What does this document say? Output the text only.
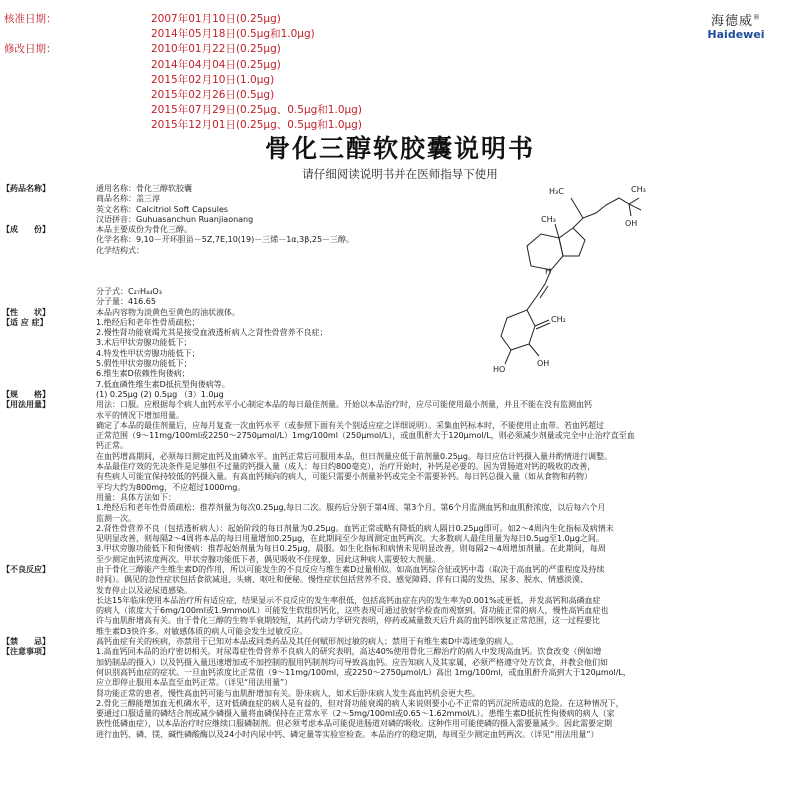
核准日期：	2007年01月10日(0.25μg)
2014年05月18日(0.5μg和1.0μg)
修改日期：	2010年01月22日(0.25μg)
2014年04月04日(0.25μg)
2015年02月10日(1.0μg)
2015年02月26日(0.5μg)
2015年07月29日(0.25μg、0.5μg和1.0μg)
2015年12月01日(0.25μg、0.5μg和1.0μg)
海德威®
Haidewei
骨化三醇软胶囊说明书
请仔细阅读说明书并在医师指导下使用
H₃C	CH₃
OH
CH₃
H
CH₂
OH
HO
【药品名称】	通用名称：骨化三醇软胶囊
商品名称：盖三淳
英文名称：Calcitriol Soft Capsules
汉语拼音：Guhuasanchun Ruanjiaonang
【成　　份】	本品主要成份为骨化三醇。
化学名称：9,10－开环胆甾－5Z,7E,10(19)－三烯－1α,3β,25－三醇。
化学结构式：
分子式：C₂₇H₄₄O₃
分子量：416.65
【性　　状】	本品内容物为淡黄色至黄色的油状液体。
【适 应 症】	1.绝经后和老年性骨质疏松；
2.慢性肾功能衰竭尤其是接受血液透析病人之肾性骨营养不良症；
3.术后甲状旁腺功能低下；
4.特发性甲状旁腺功能低下；
5.假性甲状旁腺功能低下；
6.维生素D依赖性佝偻病；
7.低血磷性维生素D抵抗型佝偻病等。
【规　　格】	(1) 0.25μg (2) 0.5μg （3）1.0μg
【用法用量】	用法：口服。应根据每个病人血钙水平小心制定本品的每日最佳剂量。开始以本品治疗时，应尽可能使用最小剂量，并且不能在没有监测血钙
水平的情况下增加用量。
确定了本品的最佳剂量后，应每月复查一次血钙水平（或参照下面有关个别适应症之详细说明）。采集血钙标本时，不能使用止血带。若血钙超过
正常范围（9～11mg/100ml或2250～2750μmol/L）1mg/100ml（250μmol/L），或血肌酐大于120μmol/L，则必须减少剂量或完全中止治疗直至血
钙正常。
在血钙增高期间，必须每日测定血钙及血磷水平。血钙正常后可服用本品，但日剂量应低于前剂量0.25μg。每日应估计钙摄入量并酌情进行调整。
本品最佳疗效的先决条件是足够但不过量的钙摄入量（成人：每日约800毫克），治疗开始时，补钙是必要的。因为胃肠道对钙的吸收的改善，
有些病人可能宜保持较低的钙摄入量。有高血钙倾向的病人，可能只需要小剂量补钙或完全不需要补钙。每日钙总摄入量（如从食物和药物）
平均大约为800mg，不应超过1000mg。
用量：具体方法如下：
1.绝经后和老年性骨质疏松：推荐剂量为每次0.25μg,每日二次。服药后分别于第4周、第3个月、第6个月监测血钙和血肌酐浓度，以后每六个月
监测一次。
2.肾性骨营养不良（包括透析病人）：起始阶段的每日剂量为0.25μg。血钙正常或略有降低的病人隔日0.25μg即可。如2～4周内生化指标及病情未
见明显改善，则每隔2～4周将本品的每日用量增加0.25μg，在此期间至少每周测定血钙两次。大多数病人最佳用量为每日0.5μg至1.0μg之间。
3.甲状旁腺功能低下和佝偻病：推荐起始剂量为每日0.25μg，晨服。如生化指标和病情未见明显改善，则每隔2～4周增加剂量。在此期间，每周
至少测定血钙浓度两次。甲状旁腺功能低下者，偶见吸收不佳现象，因此这种病人需要较大剂量。
【不良反应】	由于骨化三醇能产生维生素D的作用，所以可能发生的不良反应与维生素D过量相似。如高血钙综合征或钙中毒（取决于高血钙的严重程度及持续
时间）。偶见的急性症状包括食欲减退、头痛、呕吐和便秘。慢性症状包括营养不良、感觉障碍、伴有口渴的发热、尿多、脱水、情感淡漠、
发育停止以及泌尿道感染。
长达15年临床使用本品治疗所有适应症，结果显示不良反应的发生率很低，包括高钙血症在内的发生率为0.001%或更低，并发高钙和高磷血症
的病人（浓度大于6mg/100ml或1.9mmol/L）可能发生软组织钙化，这些表现可通过放射学检查而观察到。肾功能正常的病人，慢性高钙血症也
许与血肌酐增高有关。由于骨化三醇的生物半衰期较短，其药代动力学研究表明，停药或减量数天后升高的血钙即恢复正常范围，这一过程要比
维生素D3快许多。对敏感体质的病人可能会发生过敏反应。
【禁　　忌】	高钙血症有关的疾病，亦禁用于已知对本品或同类药品及其任何赋形剂过敏的病人；禁用于有维生素D中毒迹象的病人。
【注意事项】	1.高血钙同本品的治疗密切相关。对尿毒症性骨营养不良病人的研究表明，高达40%使用骨化三醇治疗的病人中发现高血钙。饮食改变（例如增
加奶制品的摄入）以及钙摄入量迅速增加或不加控制的服用钙制剂均可导致高血钙。应告知病人及其家属，必须严格遵守处方饮食，并教会他们如
何识别高钙血症的症状。一旦血钙浓度比正常值（9～11mg/100ml，或2250～2750μmol/L）高出 1mg/100ml，或血肌酐升高到大于120μmol/L，
应立即停止服用本品直至血钙正常。（详见“用法用量”）
肾功能正常的患者，慢性高血钙可能与血肌酐增加有关。卧床病人，如术后卧床病人发生高血钙机会更大些。
2.骨化三醇能增加血无机磷水平，这对低磷血症的病人是有益的，但对肾功能衰竭的病人来说则要小心不正常的钙沉淀所造成的危险。在这种情况下，
要通过口服适量的磷结合剂或减少磷摄入量将血磷保持在正常水平（2～5mg/100ml或0.65～1.62mmol/L）。患维生素D抵抗性佝偻病的病人（家
族性低磷血症），以本品治疗时应继续口服磷制剂。但必须考虑本品可能促进肠道对磷的吸收。这种作用可能使磷的摄入需要量减少。因此需要定期
进行血钙、磷、镁、碱性磷酸酶以及24小时内尿中钙、磷定量等实验室检查。本品治疗的稳定期，每周至少测定血钙两次。（详见“用法用量”）
